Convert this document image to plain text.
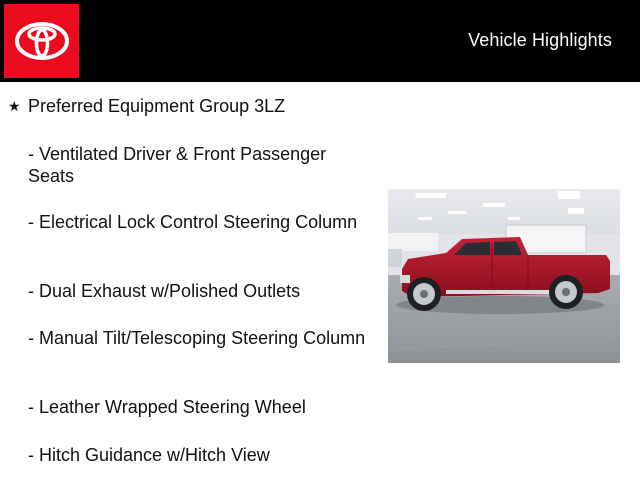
Vehicle Highlights
★ Preferred Equipment Group 3LZ
- Ventilated Driver & Front Passenger Seats
- Electrical Lock Control Steering Column
- Dual Exhaust w/Polished Outlets
- Manual Tilt/Telescoping Steering Column
- Leather Wrapped Steering Wheel
- Hitch Guidance w/Hitch View
